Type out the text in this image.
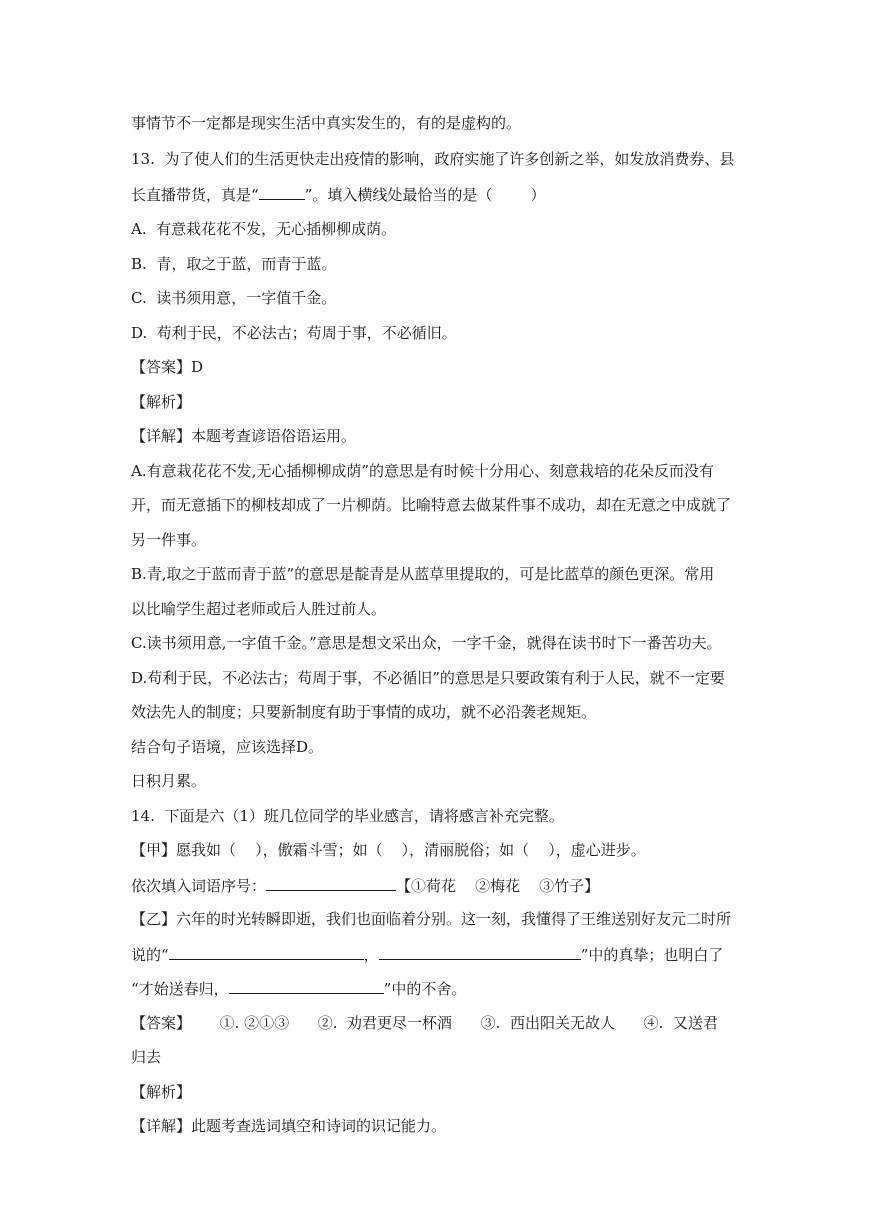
事情节不一定都是现实生活中真实发生的，有的是虚构的。
13.  为了使人们的生活更快走出疫情的影响，政府实施了许多创新之举，如发放消费券、县
长直播带货，真是“	”。填入横线处最恰当的是（        ）
A.  有意栽花花不发，无心插柳柳成荫。
B.  青，取之于蓝，而青于蓝。
C.  读书须用意，一字值千金。
D.  苟利于民，不必法古；苟周于事，不必循旧。
【答案】D
【解析】
【详解】本题考查谚语俗语运用。
A.有意栽花花不发,无心插柳柳成荫”的意思是有时候十分用心、刻意栽培的花朵反而没有
开，而无意插下的柳枝却成了一片柳荫。比喻特意去做某件事不成功，却在无意之中成就了
另一件事。
B.青,取之于蓝而青于蓝”的意思是靛青是从蓝草里提取的，可是比蓝草的颜色更深。常用
以比喻学生超过老师或后人胜过前人。
C.读书须用意,一字值千金。”意思是想文采出众，一字千金，就得在读书时下一番苦功夫。
D.苟利于民，不必法古；苟周于事，不必循旧”的意思是只要政策有利于人民，就不一定要
效法先人的制度；只要新制度有助于事情的成功，就不必沿袭老规矩。
结合句子语境，应该选择D。
日积月累。
14.  下面是六（1）班几位同学的毕业感言，请将感言补充完整。
【甲】愿我如（    ），傲霜斗雪；如（    ），清丽脱俗；如（    ），虚心进步。
依次填入词语序号：	【①荷花    ②梅花    ③竹子】
【乙】六年的时光转瞬即逝，我们也面临着分别。这一刻，我懂得了王维送别好友元二时所
说的“	，	”中的真挚；也明白了
“才始送春归，	”中的不舍。
【答案】      ①. ②①③      ②.  劝君更尽一杯酒      ③.  西出阳关无故人      ④.  又送君
归去
【解析】
【详解】此题考查选词填空和诗词的识记能力。
